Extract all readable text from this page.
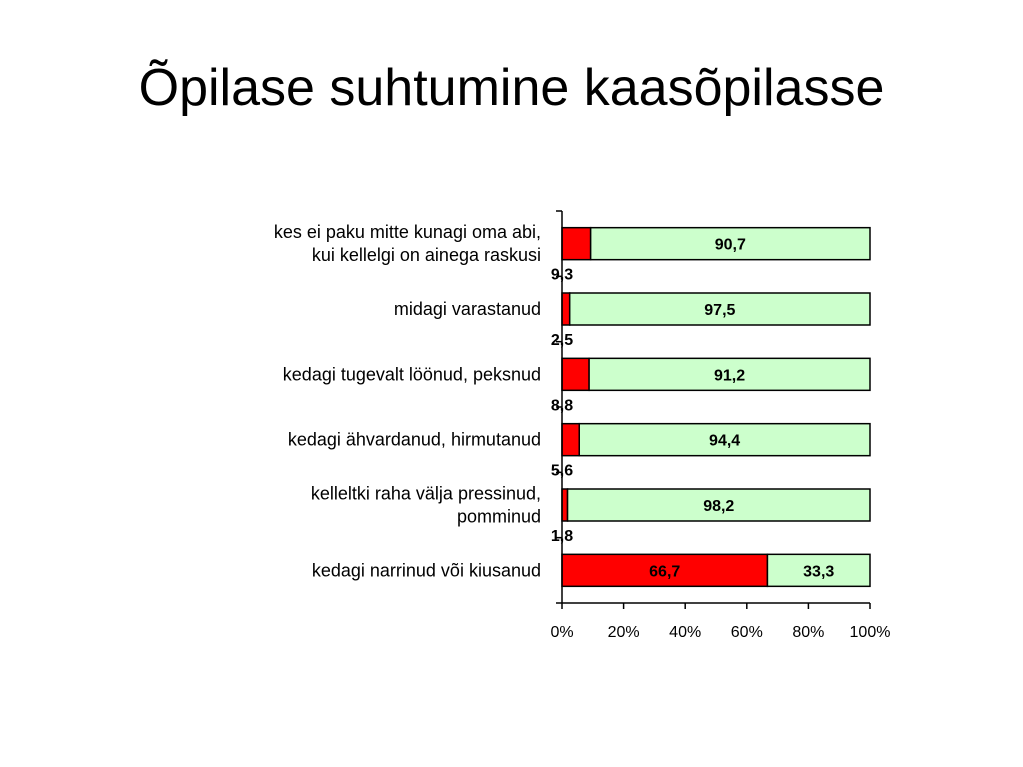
Õpilase suhtumine kaasõpilasse
0% 20% 40% 60% 80% 100%
9,3
90,7
kes ei paku mitte kunagi oma abi,
kui kellelgi on ainega raskusi
2,5
97,5
midagi varastanud
8,8
91,2
kedagi tugevalt löönud, peksnud
5,6
94,4
kedagi ähvardanud, hirmutanud
1,8
98,2
kelleltki raha välja pressinud,
pomminud
66,7	33,3
kedagi narrinud või kiusanud
